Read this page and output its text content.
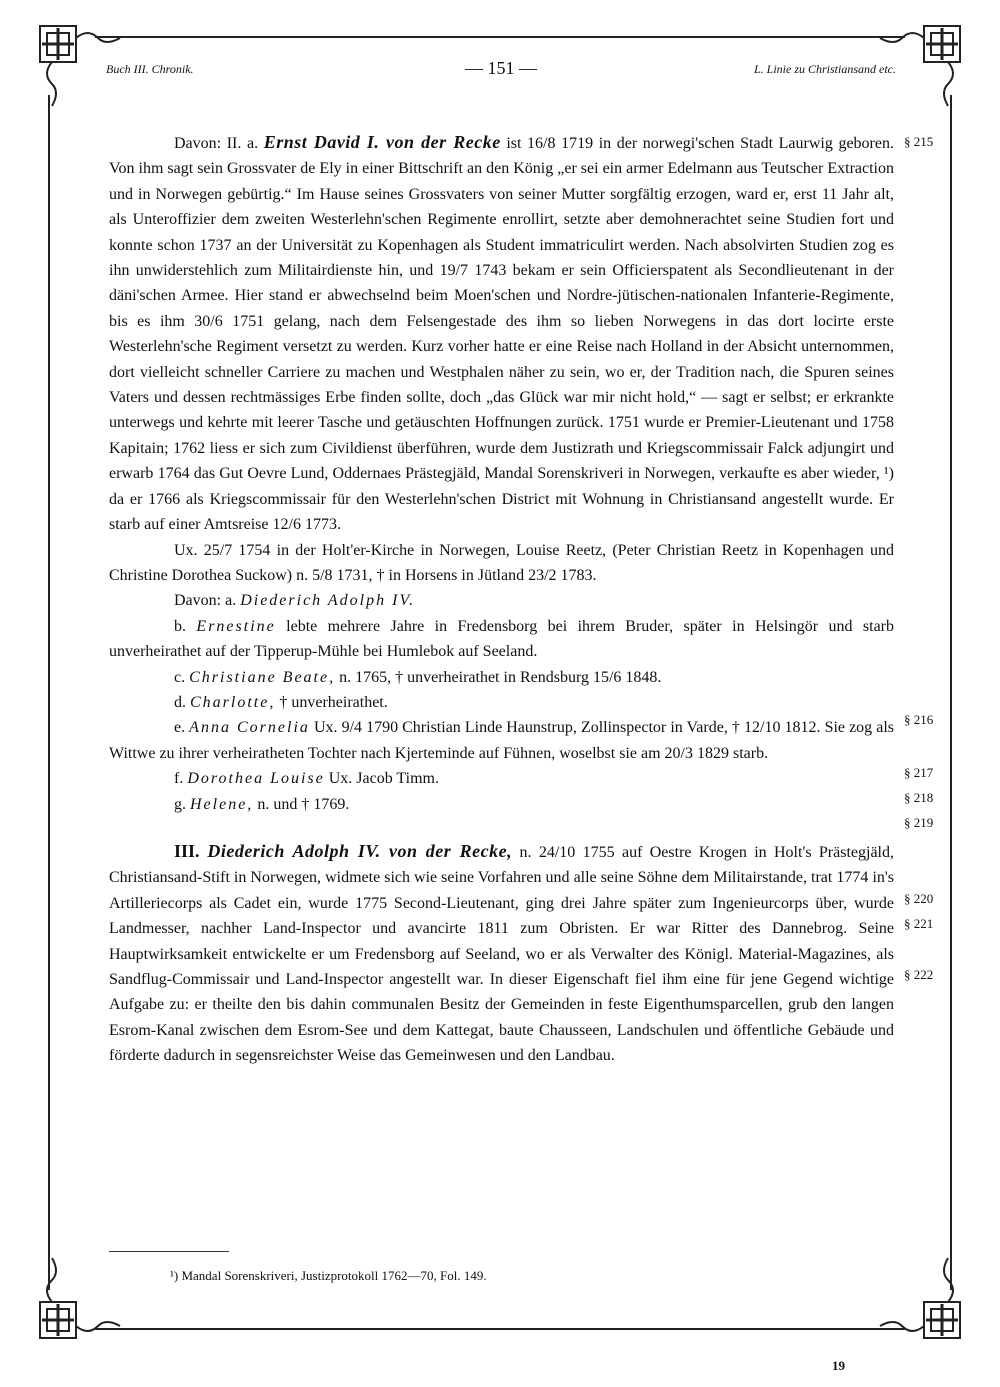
Buch III. Chronik.	— 151 —	L. Linie zu Christiansand etc.
§ 215
§ 216
§ 217
§ 218
§ 219
§ 220
§ 221
§ 222

Davon: II. a. Ernst David I. von der Recke ist 16/8 1719 in der norwegi'schen Stadt Laurwig geboren. Von ihm sagt sein Grossvater de Ely in einer Bittschrift an den König „er sei ein armer Edelmann aus Teutscher Extraction und in Norwegen gebürtig.“ Im Hause seines Grossvaters von seiner Mutter sorgfältig erzogen, ward er, erst 11 Jahr alt, als Unteroffizier dem zweiten Westerlehn'schen Regimente enrollirt, setzte aber demohnerachtet seine Studien fort und konnte schon 1737 an der Universität zu Kopenhagen als Student immatriculirt werden. Nach absolvirten Studien zog es ihn unwiderstehlich zum Militairdienste hin, und 19/7 1743 bekam er sein Officierspatent als Secondlieutenant in der däni'schen Armee. Hier stand er abwechselnd beim Moen'schen und Nordre-jütischen-nationalen Infanterie-Regimente, bis es ihm 30/6 1751 gelang, nach dem Felsengestade des ihm so lieben Norwegens in das dort locirte erste Westerlehn'sche Regiment versetzt zu werden. Kurz vorher hatte er eine Reise nach Holland in der Absicht unternommen, dort vielleicht schneller Carriere zu machen und Westphalen näher zu sein, wo er, der Tradition nach, die Spuren seines Vaters und dessen rechtmässiges Erbe finden sollte, doch „das Glück war mir nicht hold,“ — sagt er selbst; er erkrankte unterwegs und kehrte mit leerer Tasche und getäuschten Hoffnungen zurück. 1751 wurde er Premier-Lieutenant und 1758 Kapitain; 1762 liess er sich zum Civildienst überführen, wurde dem Justizrath und Kriegscommissair Falck adjungirt und erwarb 1764 das Gut Oevre Lund, Oddernaes Prästegjäld, Mandal Sorenskriveri in Norwegen, verkaufte es aber wieder, ¹) da er 1766 als Kriegscommissair für den Westerlehn'schen District mit Wohnung in Christiansand angestellt wurde. Er starb auf einer Amtsreise 12/6 1773.

Ux. 25/7 1754 in der Holt'er-Kirche in Norwegen, Louise Reetz, (Peter Christian Reetz in Kopenhagen und Christine Dorothea Suckow) n. 5/8 1731, † in Horsens in Jütland 23/2 1783.

Davon: a. Diederich Adolph IV.

b. Ernestine lebte mehrere Jahre in Fredensborg bei ihrem Bruder, später in Helsingör und starb unverheirathet auf der Tipperup-Mühle bei Humlebok auf Seeland.

c. Christiane Beate, n. 1765, † unverheirathet in Rendsburg 15/6 1848.

d. Charlotte, † unverheirathet.

e. Anna Cornelia Ux. 9/4 1790 Christian Linde Haunstrup, Zollinspector in Varde, † 12/10 1812. Sie zog als Wittwe zu ihrer verheiratheten Tochter nach Kjerteminde auf Fühnen, woselbst sie am 20/3 1829 starb.

f. Dorothea Louise Ux. Jacob Timm.

g. Helene, n. und † 1769.

III. Diederich Adolph IV. von der Recke, n. 24/10 1755 auf Oestre Krogen in Holt's Prästegjäld, Christiansand-Stift in Norwegen, widmete sich wie seine Vorfahren und alle seine Söhne dem Militairstande, trat 1774 in's Artilleriecorps als Cadet ein, wurde 1775 Second-Lieutenant, ging drei Jahre später zum Ingenieurcorps über, wurde Landmesser, nachher Land-Inspector und avancirte 1811 zum Obristen. Er war Ritter des Dannebrog. Seine Hauptwirksamkeit entwickelte er um Fredensborg auf Seeland, wo er als Verwalter des Königl. Material-Magazines, als Sandflug-Commissair und Land-Inspector angestellt war. In dieser Eigenschaft fiel ihm eine für jene Gegend wichtige Aufgabe zu: er theilte den bis dahin communalen Besitz der Gemeinden in feste Eigenthumsparcellen, grub den langen Esrom-Kanal zwischen dem Esrom-See und dem Kattegat, baute Chausseen, Landschulen und öffentliche Gebäude und förderte dadurch in segensreichster Weise das Gemeinwesen und den Landbau.

¹) Mandal Sorenskriveri, Justizprotokoll 1762—70, Fol. 149.
19
